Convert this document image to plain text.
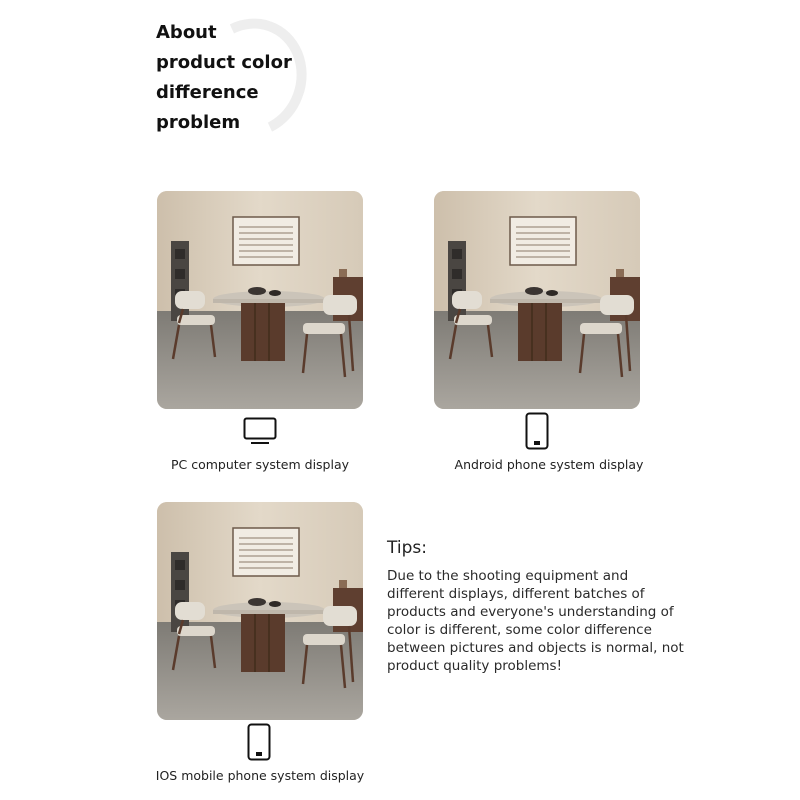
About
product color
difference
problem
PC computer system display	Android phone system display
IOS mobile phone system display
Tips:

Due to the shooting equipment and different displays, different batches of products and everyone's understanding of color is different, some color difference between pictures and objects is normal, not product quality problems!
